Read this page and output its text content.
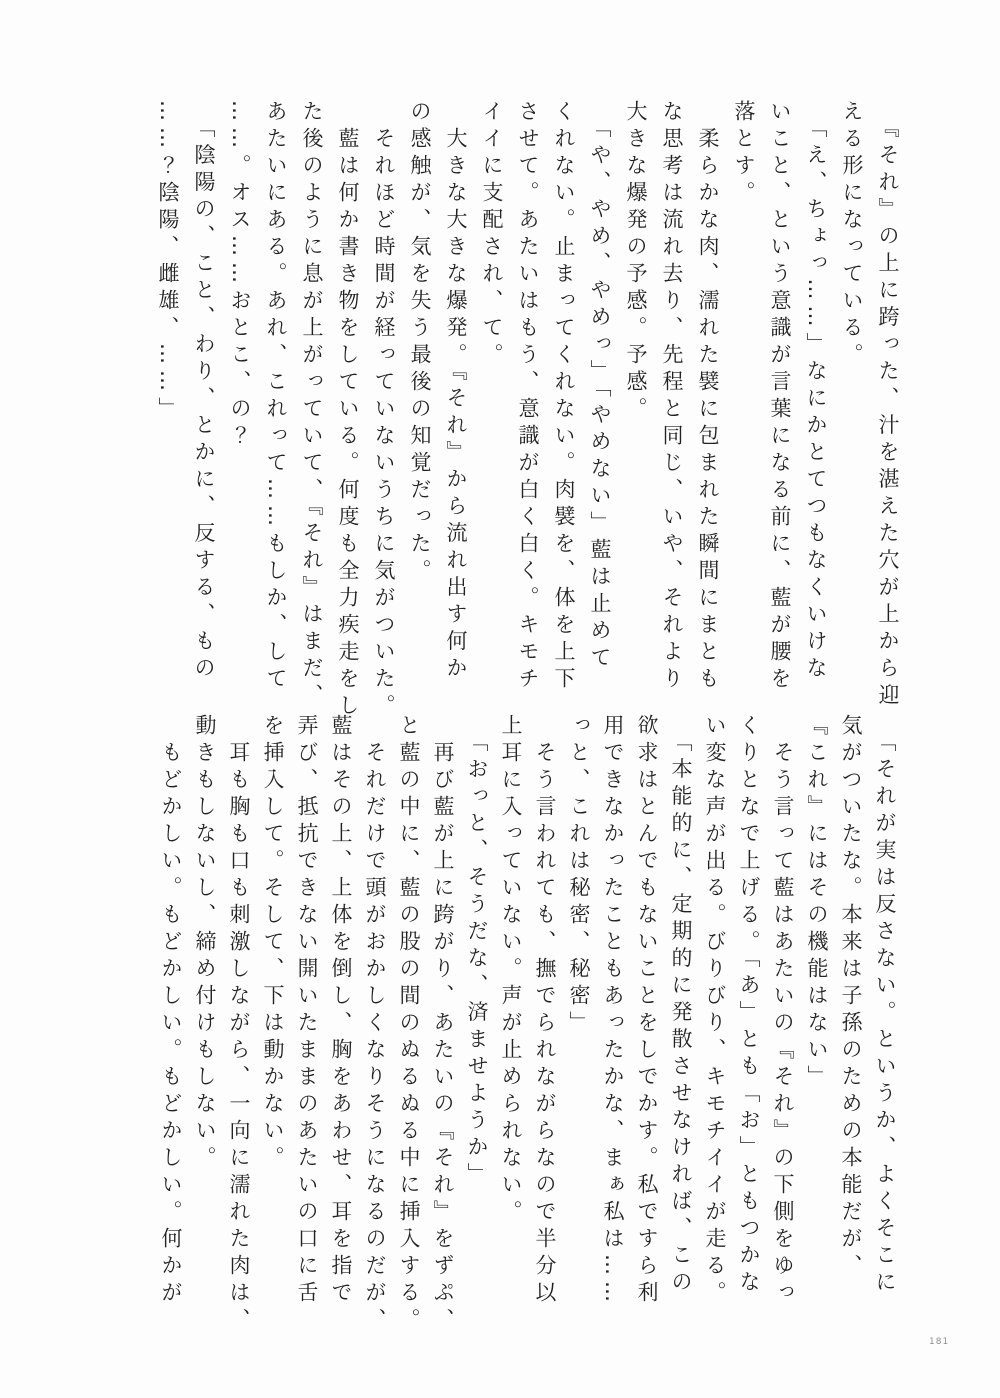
　『それ』の上に跨った、汁を湛えた穴が上から迎

える形になっている。

　「え、ちょっ……」なにかとてつもなくいけな

いこと、という意識が言葉になる前に、藍が腰を

落とす。

　柔らかな肉、濡れた襞に包まれた瞬間にまとも

な思考は流れ去り、先程と同じ、いや、それより

大きな爆発の予感。予感。

　「や、やめ、やめっ」「やめない」藍は止めて

くれない。止まってくれない。肉襞を、体を上下

させて。あたいはもう、意識が白く白く。キモチ

イイに支配され、て。

　大きな大きな爆発。『それ』から流れ出す何か

の感触が、気を失う最後の知覚だった。

　それほど時間が経っていないうちに気がついた。

　藍は何か書き物をしている。何度も全力疾走をし

た後のように息が上がっていて、『それ』はまだ、

あたいにある。あれ、これって……もしか、して

……。オス……おとこ、の？

　「陰陽の、こと、わり、とかに、反する、もの

……？陰陽、雌雄、……」

　「それが実は反さない。というか、よくそこに

気がついたな。本来は子孫のための本能だが、

『これ』にはその機能はない」

　そう言って藍はあたいの『それ』の下側をゆっ

くりとなで上げる。「あ」とも「お」ともつかな

い変な声が出る。びりびり、キモチイイが走る。

　「本能的に、定期的に発散させなければ、この

欲求はとんでもないことをしでかす。私ですら利

用できなかったこともあったかな、まぁ私は……

っと、これは秘密、秘密」

　そう言われても、撫でられながらなので半分以

上耳に入っていない。声が止められない。

　「おっと、そうだな、済ませようか」

　再び藍が上に跨がり、あたいの『それ』をずぷ、

と藍の中に、藍の股の間のぬるぬる中に挿入する。

　それだけで頭がおかしくなりそうになるのだが、

藍はその上、上体を倒し、胸をあわせ、耳を指で

弄び、抵抗できない開いたままのあたいの口に舌

を挿入して。そして、下は動かない。

　耳も胸も口も刺激しながら、一向に濡れた肉は、

動きもしないし、締め付けもしない。

　もどかしい。もどかしい。もどかしい。何かが

181
